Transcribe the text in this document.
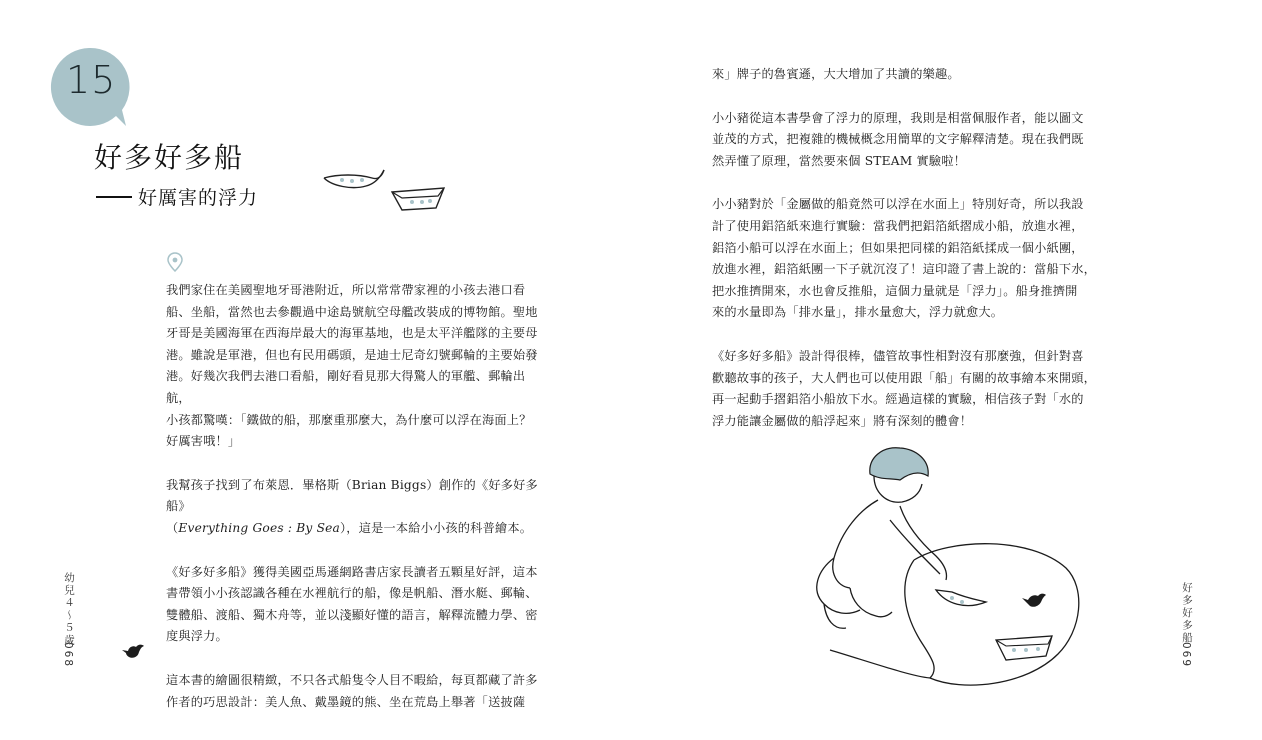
15
好多好多船
好厲害的浮力

我們家住在美國聖地牙哥港附近，所以常常帶家裡的小孩去港口看
船、坐船，當然也去參觀過中途島號航空母艦改裝成的博物館。聖地
牙哥是美國海軍在西海岸最大的海軍基地，也是太平洋艦隊的主要母
港。雖說是軍港，但也有民用碼頭，是迪士尼奇幻號郵輪的主要始發
港。好幾次我們去港口看船，剛好看見那大得驚人的軍艦、郵輪出航，
小孩都驚嘆：「鐵做的船，那麼重那麼大，為什麼可以浮在海面上？
好厲害哦！」

我幫孩子找到了布萊恩．畢格斯（Brian Biggs）創作的《好多好多船》
（Everything Goes : By Sea），這是一本給小小孩的科普繪本。

《好多好多船》獲得美國亞馬遜網路書店家長讀者五顆星好評，這本
書帶領小小孩認識各種在水裡航行的船，像是帆船、潛水艇、郵輪、
雙體船、渡船、獨木舟等，並以淺顯好懂的語言，解釋流體力學、密
度與浮力。

這本書的繪圖很精緻，不只各式船隻令人目不暇給，每頁都藏了許多
作者的巧思設計：美人魚、戴墨鏡的熊、坐在荒島上舉著「送披薩

幼兒４～５歲
068

來」牌子的魯賓遜，大大增加了共讀的樂趣。

小小豬從這本書學會了浮力的原理，我則是相當佩服作者，能以圖文
並茂的方式，把複雜的機械概念用簡單的文字解釋清楚。現在我們既
然弄懂了原理，當然要來個 STEAM 實驗啦！

小小豬對於「金屬做的船竟然可以浮在水面上」特別好奇，所以我設
計了使用鋁箔紙來進行實驗：當我們把鋁箔紙摺成小船，放進水裡，
鋁箔小船可以浮在水面上；但如果把同樣的鋁箔紙揉成一個小紙團，
放進水裡，鋁箔紙團一下子就沉沒了！這印證了書上說的：當船下水，
把水推擠開來，水也會反推船，這個力量就是「浮力」。船身推擠開
來的水量即為「排水量」，排水量愈大，浮力就愈大。

《好多好多船》設計得很棒，儘管故事性相對沒有那麼強，但針對喜
歡聽故事的孩子，大人們也可以使用跟「船」有關的故事繪本來開頭，
再一起動手摺鋁箔小船放下水。經過這樣的實驗，相信孩子對「水的
浮力能讓金屬做的船浮起來」將有深刻的體會！

好多好多船
069
